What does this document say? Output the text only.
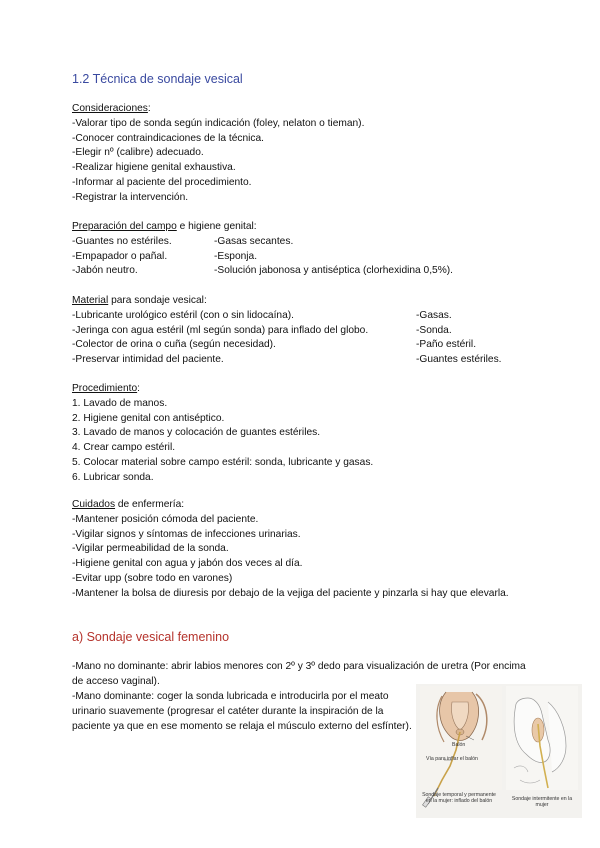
1.2 Técnica de sondaje vesical
Consideraciones:
-Valorar tipo de sonda según indicación (foley, nelaton o tieman).
-Conocer contraindicaciones de la técnica.
-Elegir nº (calibre) adecuado.
-Realizar higiene genital exhaustiva.
-Informar al paciente del procedimiento.
-Registrar la intervención.
Preparación del campo e higiene genital:
-Guantes no estériles.	-Gasas secantes.
-Empapador o pañal.	-Esponja.
-Jabón neutro.	-Solución jabonosa y antiséptica (clorhexidina 0,5%).
Material para sondaje vesical:
-Lubricante urológico estéril (con o sin lidocaína).	-Gasas.
-Jeringa con agua estéril (ml según sonda) para inflado del globo.	-Sonda.
-Colector de orina o cuña (según necesidad).	-Paño estéril.
-Preservar intimidad del paciente.	-Guantes estériles.
Procedimiento:
1. Lavado de manos.
2. Higiene genital con antiséptico.
3. Lavado de manos y colocación de guantes estériles.
4. Crear campo estéril.
5. Colocar material sobre campo estéril: sonda, lubricante y gasas.
6. Lubricar sonda.
Cuidados de enfermería:
-Mantener posición cómoda del paciente.
-Vigilar signos y síntomas de infecciones urinarias.
-Vigilar permeabilidad de la sonda.
-Higiene genital con agua y jabón dos veces al día.
-Evitar upp (sobre todo en varones)
-Mantener la bolsa de diuresis por debajo de la vejiga del paciente y pinzarla si hay que elevarla.
a) Sondaje vesical femenino
-Mano no dominante: abrir labios menores con 2º y 3º dedo para visualización de uretra (Por encima de acceso vaginal).
-Mano dominante: coger la sonda lubricada e introducirla por el meato urinario suavemente (progresar el catéter durante la inspiración de la paciente ya que en ese momento se relaja el músculo externo del esfínter).
Balón
Vía para inflar el balón
Sondaje temporal y permanente en la mujer: inflado del balón	Sondaje intermitente en la mujer
